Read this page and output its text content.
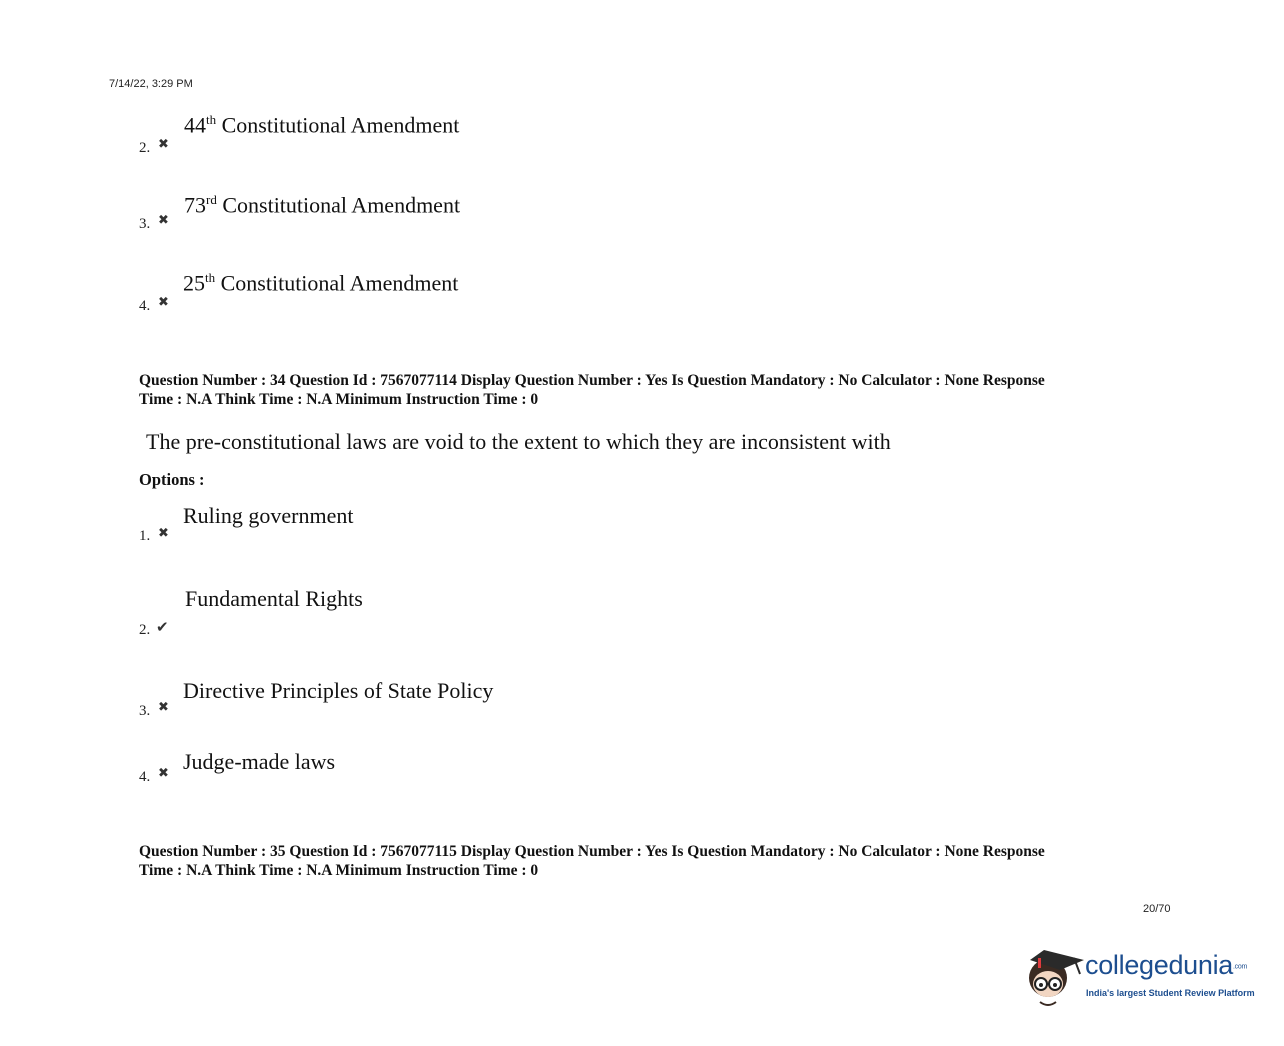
7/14/22, 3:29 PM
44th Constitutional Amendment
2. ✖
73rd Constitutional Amendment
3. ✖
25th Constitutional Amendment
4. ✖
Question Number : 34 Question Id : 7567077114 Display Question Number : Yes Is Question Mandatory : No Calculator : None Response
Time : N.A Think Time : N.A Minimum Instruction Time : 0
The pre-constitutional laws are void to the extent to which they are inconsistent with
Options :
Ruling government
1. ✖
Fundamental Rights
2. ✔
Directive Principles of State Policy
3. ✖
Judge-made laws
4. ✖
Question Number : 35 Question Id : 7567077115 Display Question Number : Yes Is Question Mandatory : No Calculator : None Response
Time : N.A Think Time : N.A Minimum Instruction Time : 0
20/70
collegedunia.com
India's largest Student Review Platform
